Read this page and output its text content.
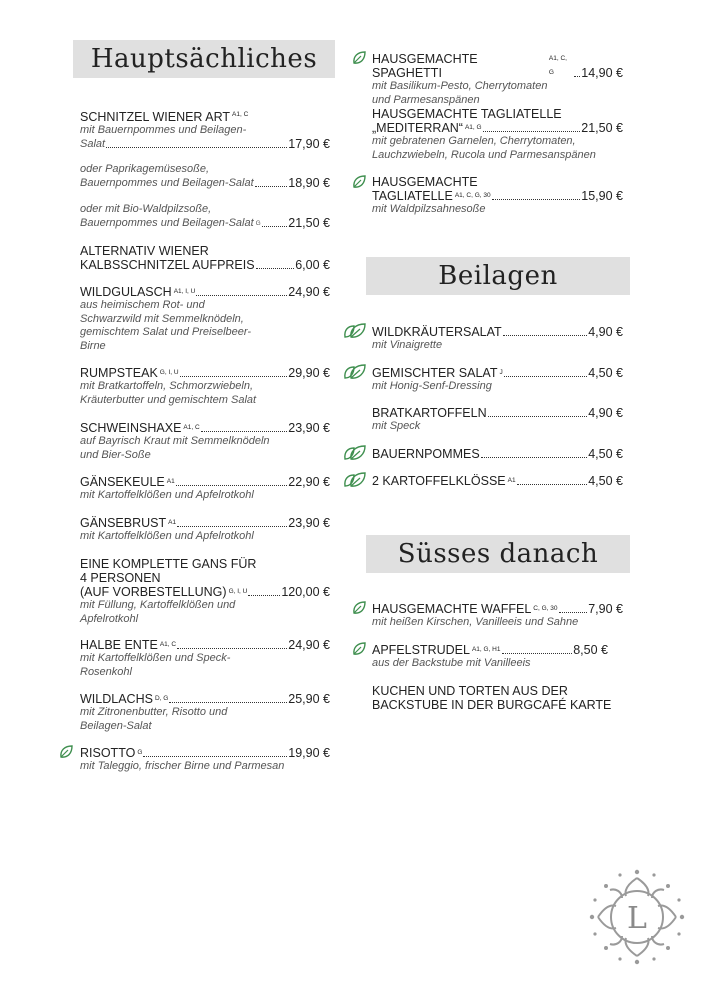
Hauptsächliches
Beilagen
Süsses danach
SCHNITZEL WIENER ART $^{A1, C}$
mit Bauernpommes und Beilagen-
Salat	17,90 €
oder Paprikagemüsesoße,
Bauernpommes und Beilagen-Salat	18,90 €
oder mit Bio-Waldpilzsoße,
Bauernpommes und Beilagen-Salat G 21,50 €
ALTERNATIV WIENER
KALBSSCHNITZEL AUFPREIS	6,00 €
WILDGULASCH A1, I, U	24,90 €
aus heimischem Rot- und
Schwarzwild mit Semmelknödeln,
gemischtem Salat und Preiselbeer-
Birne
RUMPSTEAK G, I, U	29,90 €
mit Bratkartoffeln, Schmorzwiebeln,
Kräuterbutter und gemischtem Salat
SCHWEINSHAXE A1, C	23,90 €
auf Bayrisch Kraut mit Semmelknödeln
und Bier-Soße
GÄNSEKEULE A1	22,90 €
mit Kartoffelklößen und Apfelrotkohl
GÄNSEBRUST A1	23,90 €
mit Kartoffelklößen und Apfelrotkohl
EINE KOMPLETTE GANS FÜR
4 PERSONEN
(AUF VORBESTELLUNG) G, I, U	120,00 €
mit Füllung, Kartoffelklößen und
Apfelrotkohl
HALBE ENTE A1, C	24,90 €
mit Kartoffelklößen und Speck-
Rosenkohl
WILDLACHS D, G	25,90 €
mit Zitronenbutter, Risotto und
Beilagen-Salat
RISOTTO G	19,90 €
mit Taleggio, frischer Birne und Parmesan
HAUSGEMACHTE SPAGHETTI
A1, C, G	14,90 €
mit Basilikum-Pesto, Cherrytomaten
und Parmesanspänen
HAUSGEMACHTE TAGLIATELLE
„MEDITERRAN“ A1, G	21,50 €
mit gebratenen Garnelen, Cherrytomaten,
Lauchzwiebeln, Rucola und Parmesanspänen
HAUSGEMACHTE
TAGLIATELLE A1, C, G, 30	15,90 €
mit Waldpilzsahnesoße
WILDKRÄUTERSALAT	4,90 €
mit Vinaigrette
GEMISCHTER SALAT J	4,50 €
mit Honig-Senf-Dressing
BRATKARTOFFELN	4,90 €
mit Speck
BAUERNPOMMES	4,50 €
2 KARTOFFELKLÖSSE A1	4,50 €
HAUSGEMACHTE WAFFEL C, G, 30 7,90 €
mit heißen Kirschen, Vanilleeis und Sahne
APFELSTRUDEL A1, G, H1	8,50 €
aus der Backstube mit Vanilleeis
KUCHEN UND TORTEN AUS DER
BACKSTUBE IN DER BURGCAFÉ KARTE
L
